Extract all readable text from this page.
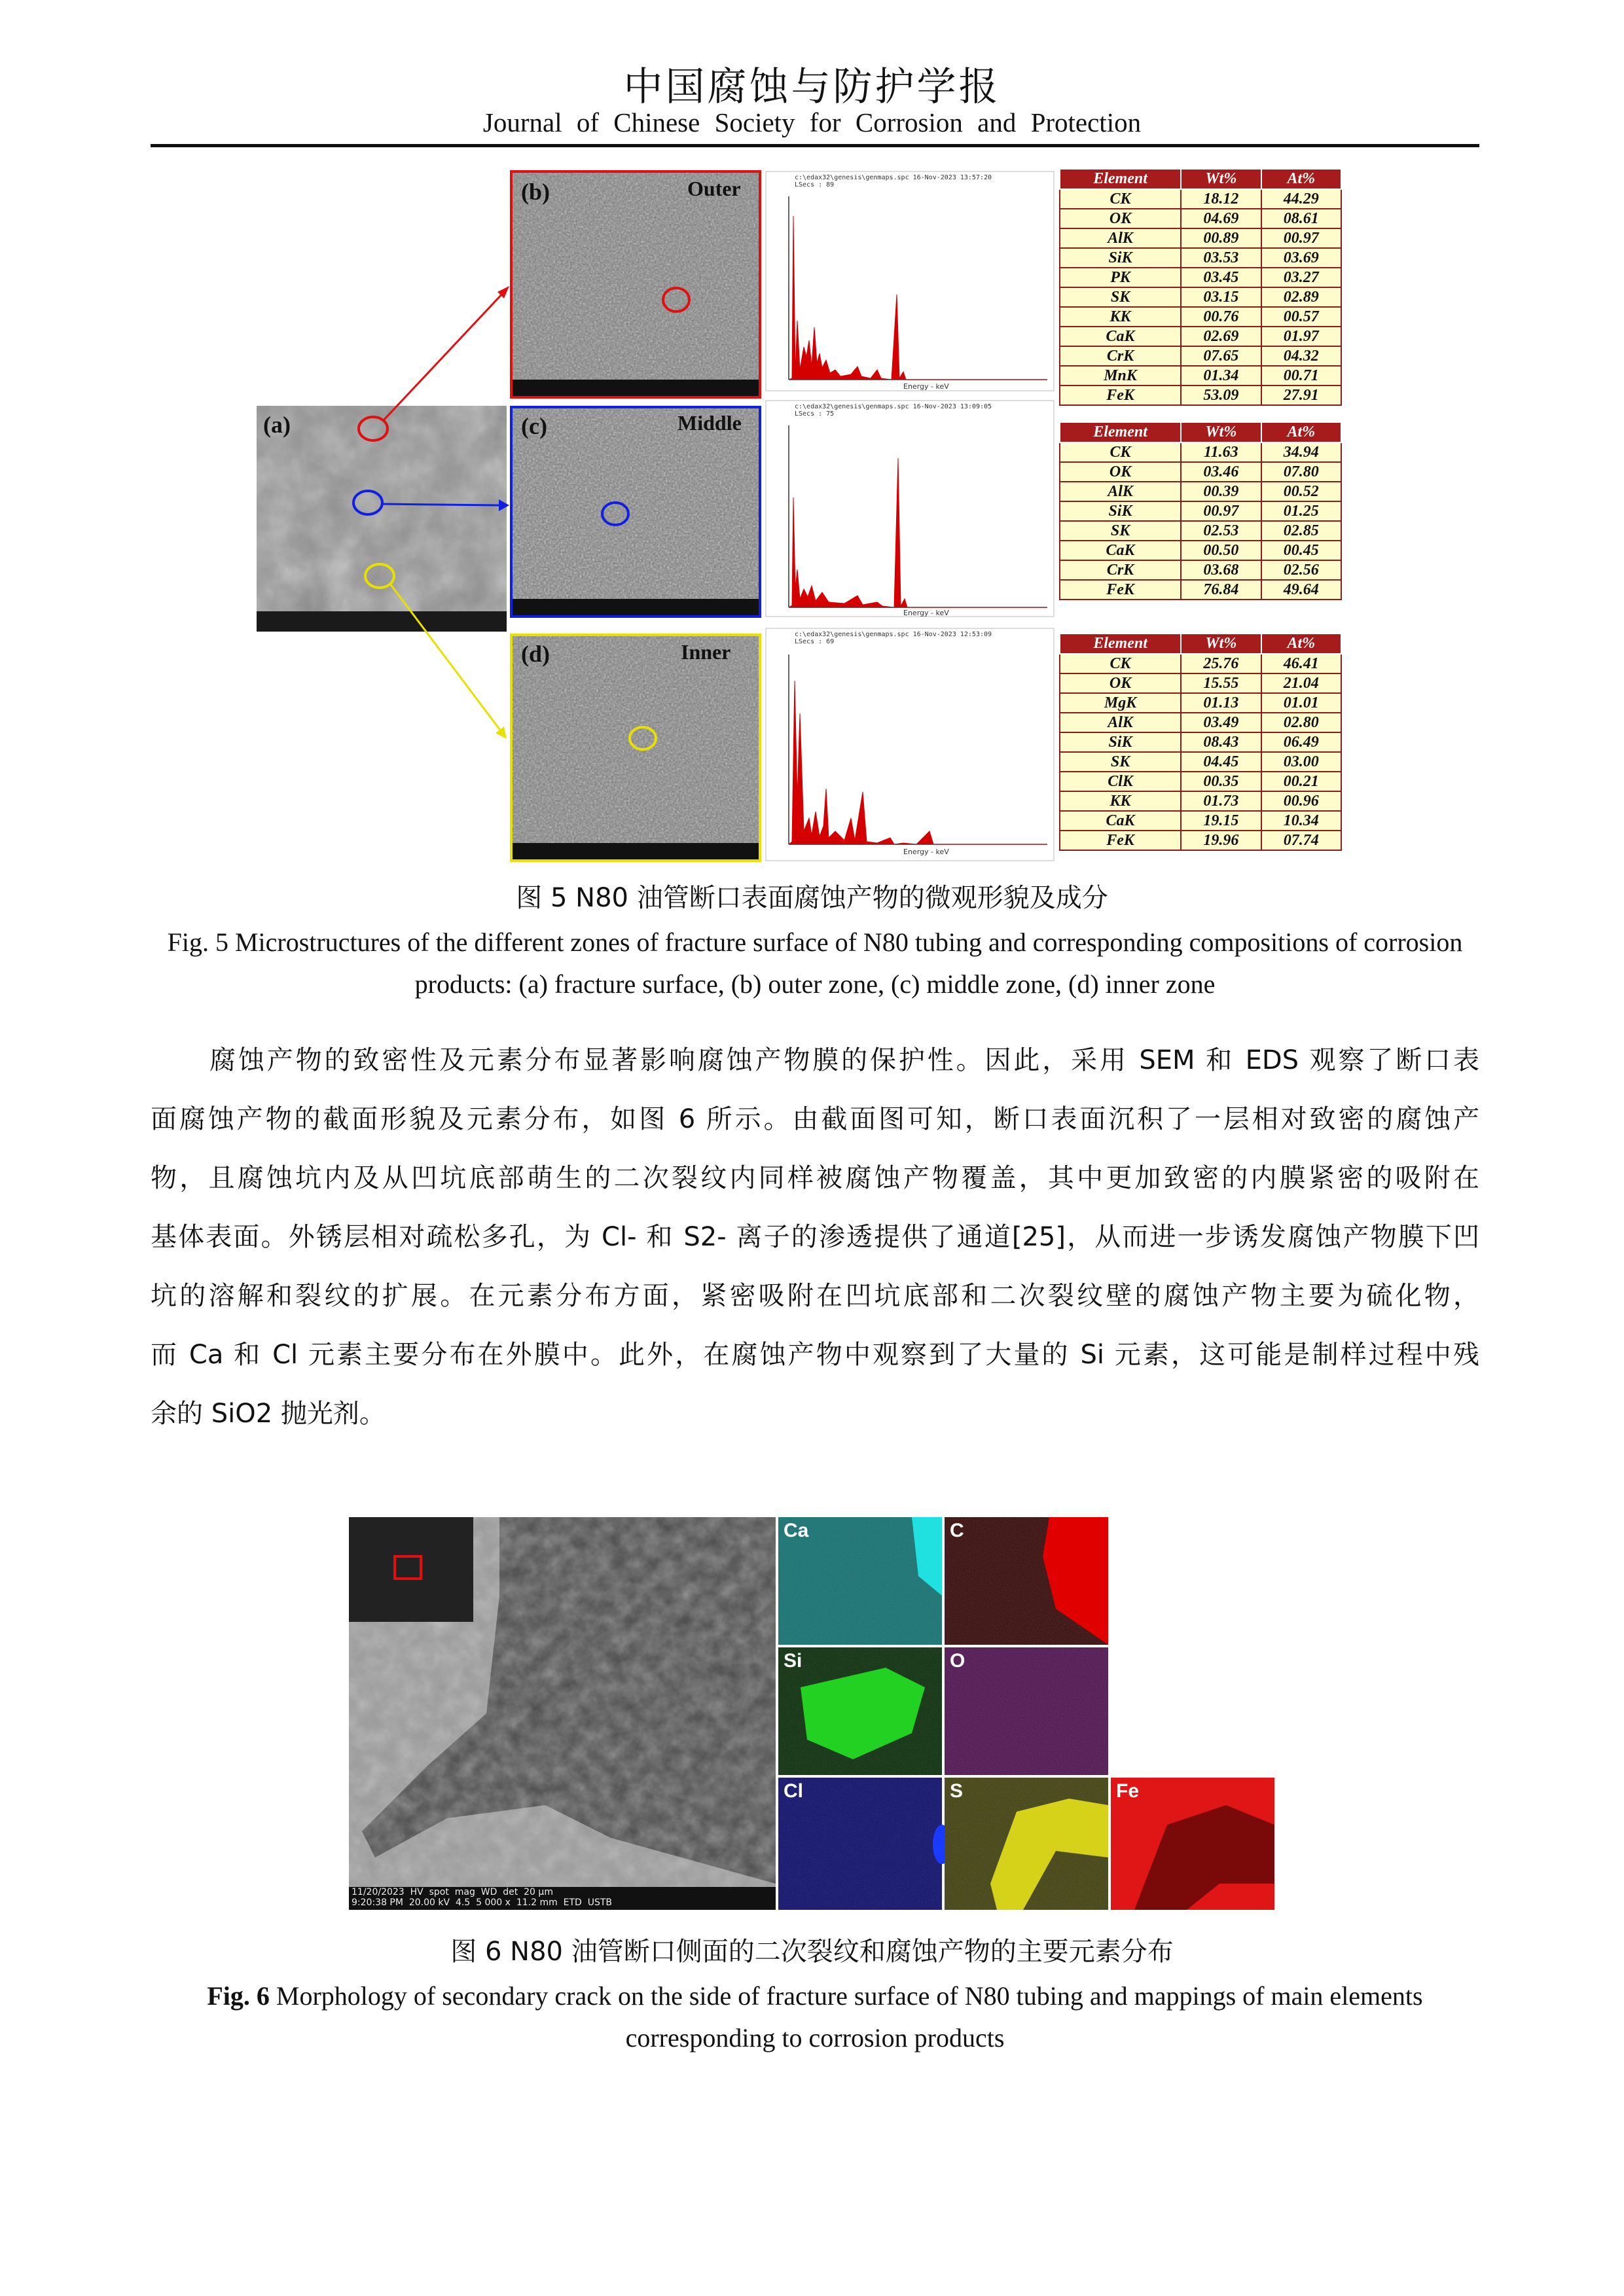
中国腐蚀与防护学报
Journal of Chinese Society for Corrosion and Protection
(a)
(b)
(c)
(d)
Outer
Middle
Inner
c:\edax32\genesis\genmaps.spc 16-Nov-2023 13:57:20
LSecs : 89
c:\edax32\genesis\genmaps.spc 16-Nov-2023 13:09:05
LSecs : 75
c:\edax32\genesis\genmaps.spc 16-Nov-2023 12:53:09
LSecs : 69
Energy - keV
Energy - keV
Energy - keV
Element	Wt%	At%
CK	18.12	44.29
OK	04.69	08.61
AlK	00.89	00.97
SiK	03.53	03.69
PK	03.45	03.27
SK	03.15	02.89
KK	00.76	00.57
CaK	02.69	01.97
CrK	07.65	04.32
MnK	01.34	00.71
FeK	53.09	27.91
Element	Wt%	At%
CK	11.63	34.94
OK	03.46	07.80
AlK	00.39	00.52
SiK	00.97	01.25
SK	02.53	02.85
CaK	00.50	00.45
CrK	03.68	02.56
FeK	76.84	49.64
Element	Wt%	At%
CK	25.76	46.41
OK	15.55	21.04
MgK	01.13	01.01
AlK	03.49	02.80
SiK	08.43	06.49
SK	04.45	03.00
ClK	00.35	00.21
KK	01.73	00.96
CaK	19.15	10.34
FeK	19.96	07.74
图 5 N80 油管断口表面腐蚀产物的微观形貌及成分
Fig. 5 Microstructures of the different zones of fracture surface of N80 tubing and corresponding compositions of corrosion products: (a) fracture surface, (b) outer zone, (c) middle zone, (d) inner zone
腐蚀产物的致密性及元素分布显著影响腐蚀产物膜的保护性。因此，采用 SEM 和 EDS 观察了断口表
面腐蚀产物的截面形貌及元素分布，如图 6 所示。由截面图可知，断口表面沉积了一层相对致密的腐蚀产
物，且腐蚀坑内及从凹坑底部萌生的二次裂纹内同样被腐蚀产物覆盖，其中更加致密的内膜紧密的吸附在
基体表面。外锈层相对疏松多孔，为 Cl- 和 S2- 离子的渗透提供了通道[25]，从而进一步诱发腐蚀产物膜下凹
坑的溶解和裂纹的扩展。在元素分布方面，紧密吸附在凹坑底部和二次裂纹壁的腐蚀产物主要为硫化物，
而 Ca 和 Cl 元素主要分布在外膜中。此外，在腐蚀产物中观察到了大量的 Si 元素，这可能是制样过程中残
余的 SiO2 抛光剂。
11/20/2023  HV  spot  mag  WD  det  20 µm
9:20:38 PM  20.00 kV  4.5  5 000 x  11.2 mm  ETD  USTB
Ca	C
Si	O
Cl	S	Fe
图 6 N80 油管断口侧面的二次裂纹和腐蚀产物的主要元素分布
Fig. 6 Morphology of secondary crack on the side of fracture surface of N80 tubing and mappings of main elements corresponding to corrosion products
